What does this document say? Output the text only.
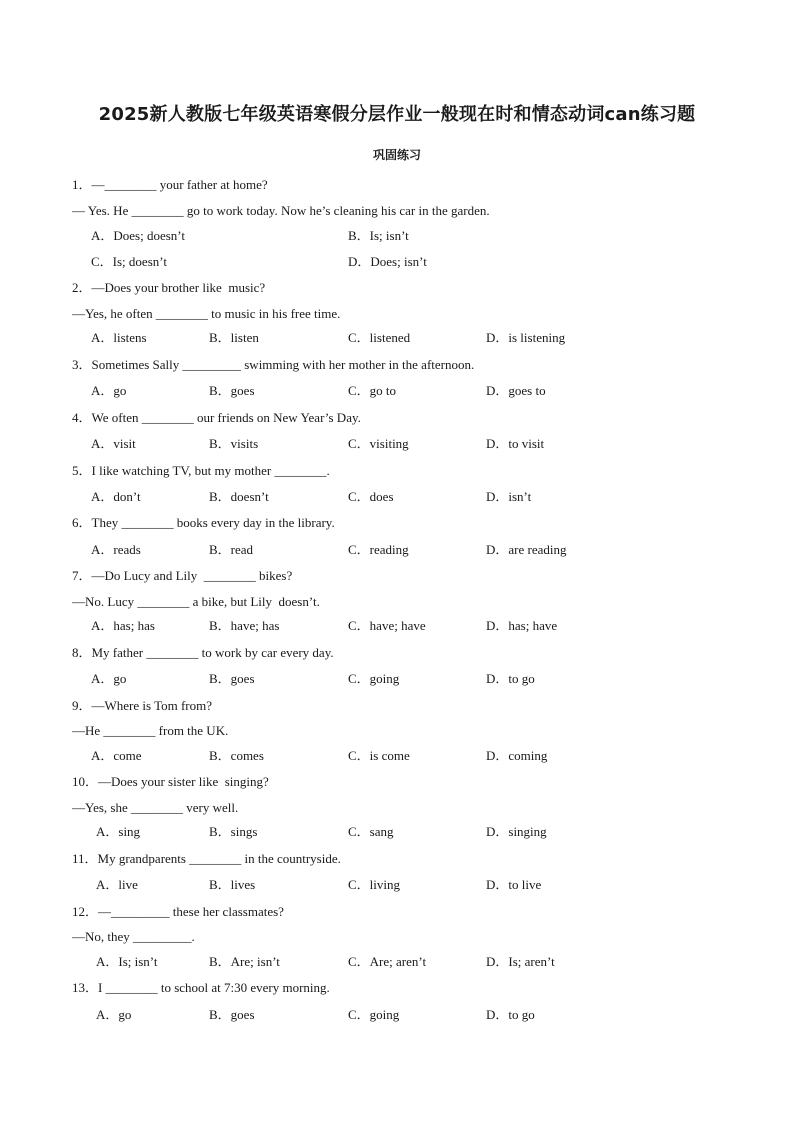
2025新人教版七年级英语寒假分层作业一般现在时和情态动词can练习题
巩固练习
1．—________ your father at home?
— Yes. He ________ go to work today. Now he’s cleaning his car in the garden.
A．Does; doesn’t	B．Is; isn’t
C．Is; doesn’t	D．Does; isn’t
2．—Does your brother like  music?
—Yes, he often ________ to music in his free time.
A．listens	B．listen	C．listened	D．is listening
3．Sometimes Sally _________ swimming with her mother in the afternoon.
A．go	B．goes	C．go to	D．goes to
4．We often ________ our friends on New Year’s Day.
A．visit	B．visits	C．visiting	D．to visit
5．I like watching TV, but my mother ________.
A．don’t	B．doesn’t	C．does	D．isn’t
6．They ________ books every day in the library.
A．reads	B．read	C．reading	D．are reading
7．—Do Lucy and Lily  ________ bikes?
—No. Lucy ________ a bike, but Lily  doesn’t.
A．has; has	B．have; has	C．have; have	D．has; have
8．My father ________ to work by car every day.
A．go	B．goes	C．going	D．to go
9．—Where is Tom from?
—He ________ from the UK.
A．come	B．comes	C．is come	D．coming
10．—Does your sister like  singing?
—Yes, she ________ very well.
A．sing	B．sings	C．sang	D．singing
11．My grandparents ________ in the countryside.
A．live	B．lives	C．living	D．to live
12．—_________ these her classmates?
—No, they _________.
A．Is; isn’t	B．Are; isn’t	C．Are; aren’t	D．Is; aren’t
13．I ________ to school at 7:30 every morning.
A．go	B．goes	C．going	D．to go
